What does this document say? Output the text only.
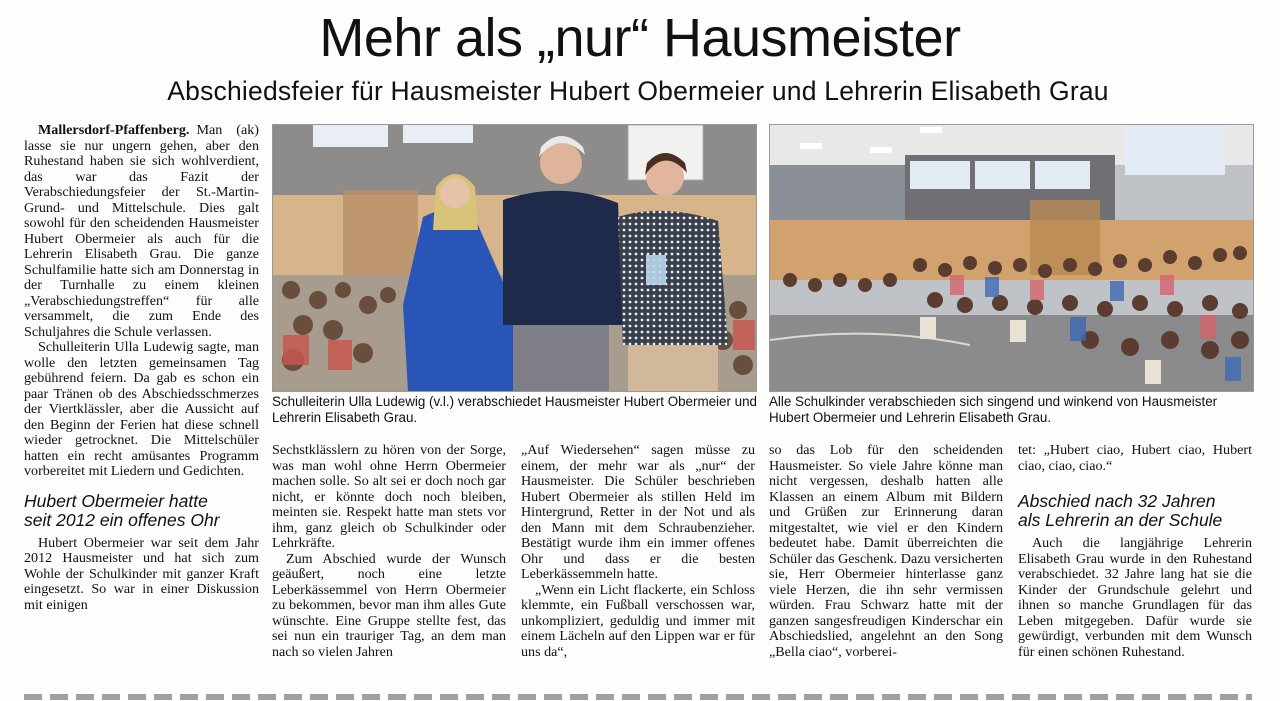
Mehr als „nur“ Hausmeister
Abschiedsfeier für Hausmeister Hubert Obermeier und Lehrerin Elisabeth Grau

Mallersdorf-Pfaffenberg.	(ak)
Man lasse sie nur ungern gehen, aber den Ruhestand haben sie sich wohlverdient, das war das Fazit der Verabschiedungsfeier der St.-Martin-Grund- und Mittelschule. Dies galt sowohl für den scheidenden Hausmeister Hubert Obermeier als auch für die Lehrerin Elisabeth Grau. Die ganze Schulfamilie hatte sich am Donnerstag in der Turnhalle zu einem kleinen „Verabschiedungstreffen“ für alle versammelt, die zum Ende des Schuljahres die Schule verlassen.

Schulleiterin Ulla Ludewig sagte, man wolle den letzten gemeinsamen Tag gebührend feiern. Da gab es schon ein paar Tränen ob des Abschiedsschmerzes der Viertklässler, aber die Aussicht auf den Beginn der Ferien hat diese schnell wieder getrocknet. Die Mittelschüler hatten ein recht amüsantes Programm vorbereitet mit Liedern und Gedichten.

Hubert Obermeier hatte
seit 2012 ein offenes Ohr

Hubert Obermeier war seit dem Jahr 2012 Hausmeister und hat sich zum Wohle der Schulkinder mit ganzer Kraft eingesetzt. So war in einer Diskussion mit einigen

Schulleiterin Ulla Ludewig (v.l.) verabschiedet Hausmeister Hubert Obermeier und Lehrerin Elisabeth Grau.
Alle Schulkinder verabschieden sich singend und winkend von Hausmeister Hubert Obermeier und Lehrerin Elisabeth Grau.

Sechstklässlern zu hören von der Sorge, was man wohl ohne Herrn Obermeier machen solle. So alt sei er doch noch gar nicht, er könnte doch noch bleiben, meinten sie. Respekt hatte man stets vor ihm, ganz gleich ob Schulkinder oder Lehrkräfte.

Zum Abschied wurde der Wunsch geäußert, noch eine letzte Leberkässemmel von Herrn Obermeier zu bekommen, bevor man ihm alles Gute wünschte. Eine Gruppe stellte fest, das sei nun ein trauriger Tag, an dem man nach so vielen Jahren

„Auf Wiedersehen“ sagen müsse zu einem, der mehr war als „nur“ der Hausmeister. Die Schüler beschrieben Hubert Obermeier als stillen Held im Hintergrund, Retter in der Not und als den Mann mit dem Schraubenzieher. Bestätigt wurde ihm ein immer offenes Ohr und dass er die besten Leberkässemmeln hatte.

„Wenn ein Licht flackerte, ein Schloss klemmte, ein Fußball verschossen war, unkompliziert, geduldig und immer mit einem Lächeln auf den Lippen war er für uns da“,

so das Lob für den scheidenden Hausmeister. So viele Jahre könne man nicht vergessen, deshalb hatten alle Klassen an einem Album mit Bildern und Grüßen zur Erinnerung daran mitgestaltet, wie viel er den Kindern bedeutet habe. Damit überreichten die Schüler das Geschenk. Dazu versicherten sie, Herr Obermeier hinterlasse ganz viele Herzen, die ihn sehr vermissen würden. Frau Schwarz hatte mit der ganzen sangesfreudigen Kinderschar ein Abschiedslied, angelehnt an den Song „Bella ciao“, vorberei-

tet: „Hubert ciao, Hubert ciao, Hubert ciao, ciao, ciao.“

Abschied nach 32 Jahren
als Lehrerin an der Schule

Auch die langjährige Lehrerin Elisabeth Grau wurde in den Ruhestand verabschiedet. 32 Jahre lang hat sie die Kinder der Grundschule gelehrt und ihnen so manche Grundlagen für das Leben mitgegeben. Dafür wurde sie gewürdigt, verbunden mit dem Wunsch für einen schönen Ruhestand.
